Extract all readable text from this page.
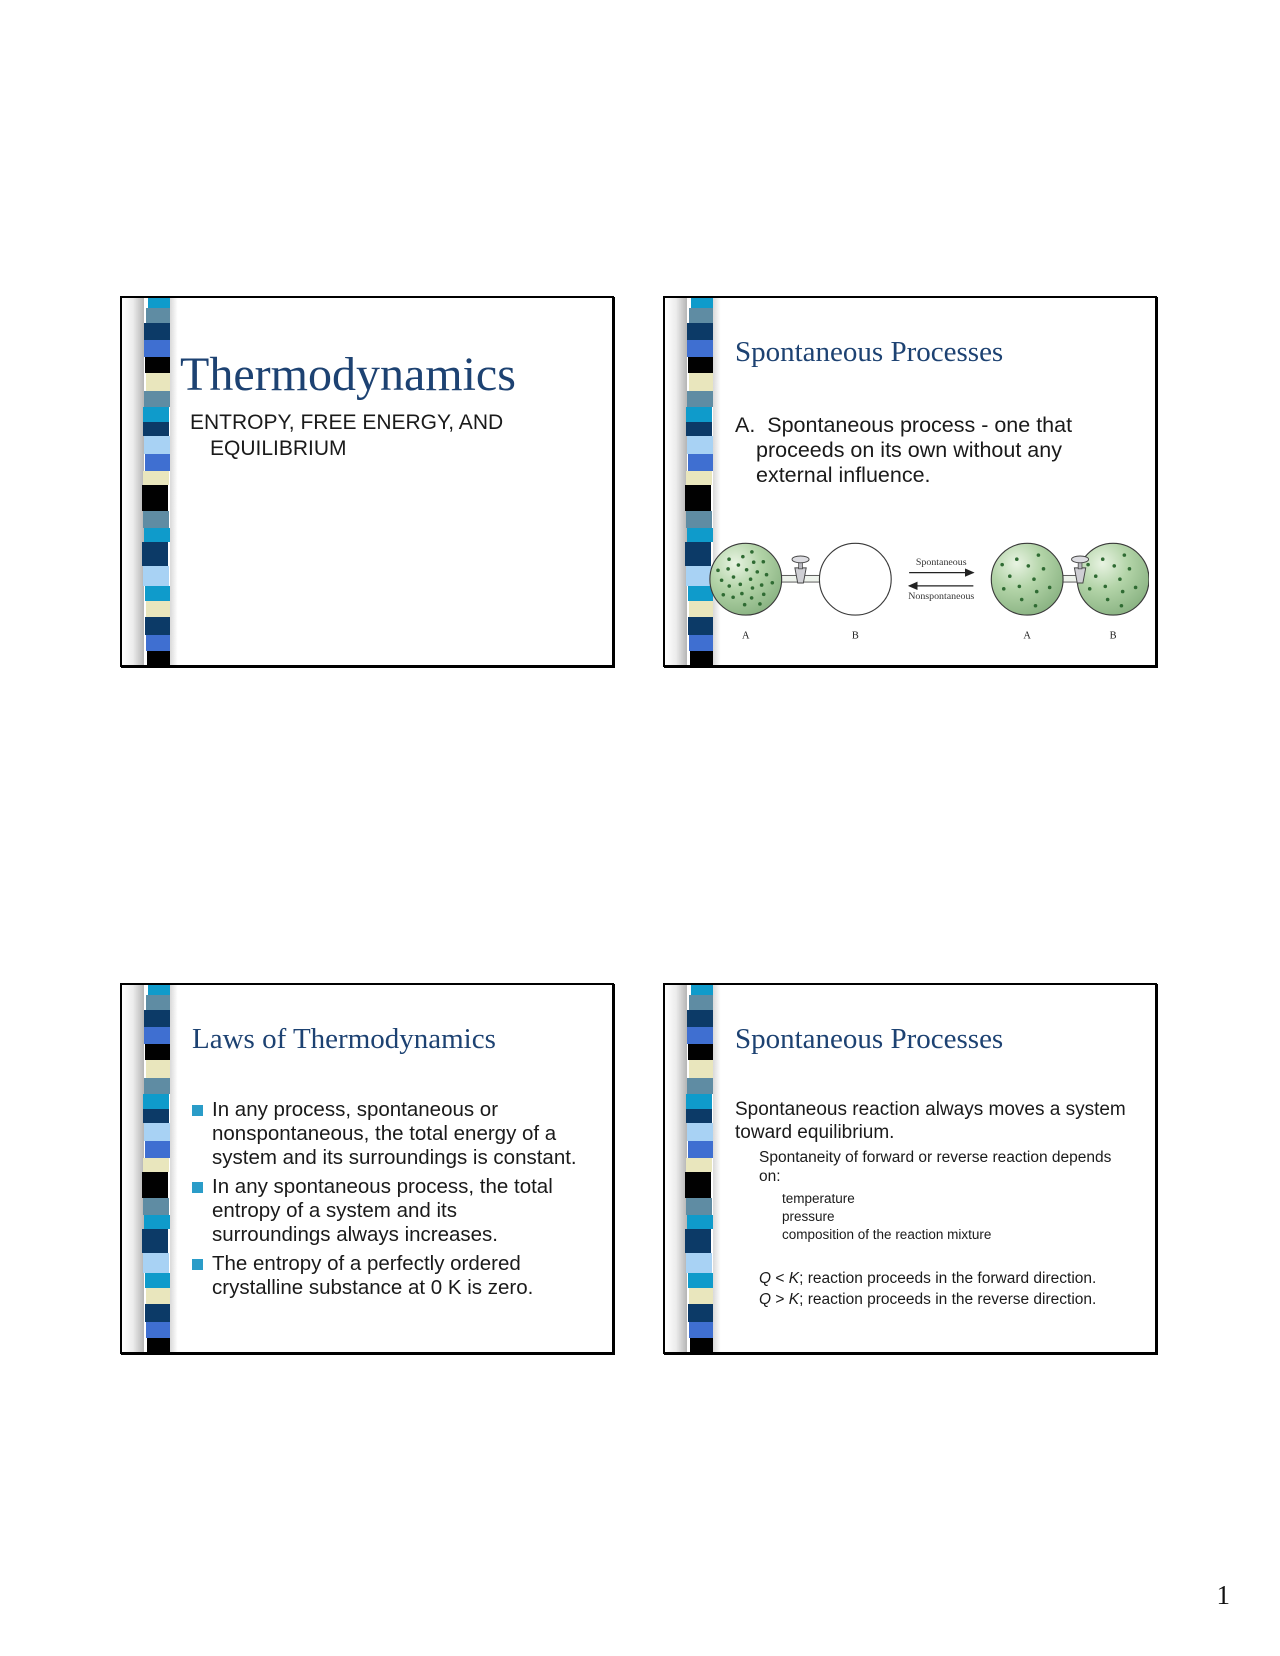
Thermodynamics
ENTROPY, FREE ENERGY, AND
EQUILIBRIUM
Spontaneous Processes
A.  Spontaneous process - one that
proceeds on its own without any
external influence.
A	B
Spontaneous
Nonspontaneous
A	B
Laws of Thermodynamics
In any process, spontaneous or
nonspontaneous, the total energy of a
system and its surroundings is constant.
In any spontaneous process, the total
entropy of a system and its
surroundings always increases.
The entropy of a perfectly ordered
crystalline substance at 0 K is zero.
Spontaneous Processes
Spontaneous reaction always moves a system
toward equilibrium.
Spontaneity of forward or reverse reaction depends
on:
temperature
pressure
composition of the reaction mixture
Q < K; reaction proceeds in the forward direction.
Q > K; reaction proceeds in the reverse direction.
1
